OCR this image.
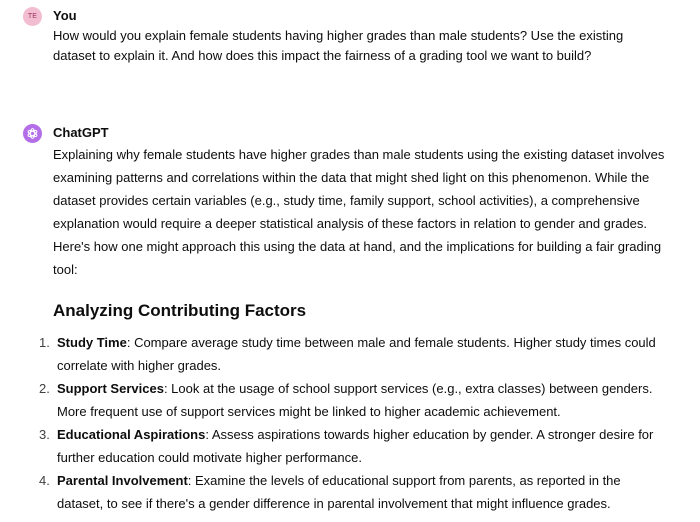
TE You
How would you explain female students having higher grades than male students? Use the existing dataset to explain it. And how does this impact the fairness of a grading tool we want to build?
ChatGPT
Explaining why female students have higher grades than male students using the existing dataset involves examining patterns and correlations within the data that might shed light on this phenomenon. While the dataset provides certain variables (e.g., study time, family support, school activities), a comprehensive explanation would require a deeper statistical analysis of these factors in relation to gender and grades. Here's how one might approach this using the data at hand, and the implications for building a fair grading tool:
Analyzing Contributing Factors
1. Study Time: Compare average study time between male and female students. Higher study times could correlate with higher grades.
2. Support Services: Look at the usage of school support services (e.g., extra classes) between genders. More frequent use of support services might be linked to higher academic achievement.
3. Educational Aspirations: Assess aspirations towards higher education by gender. A stronger desire for further education could motivate higher performance.
4. Parental Involvement: Examine the levels of educational support from parents, as reported in the dataset, to see if there's a gender difference in parental involvement that might influence grades.
